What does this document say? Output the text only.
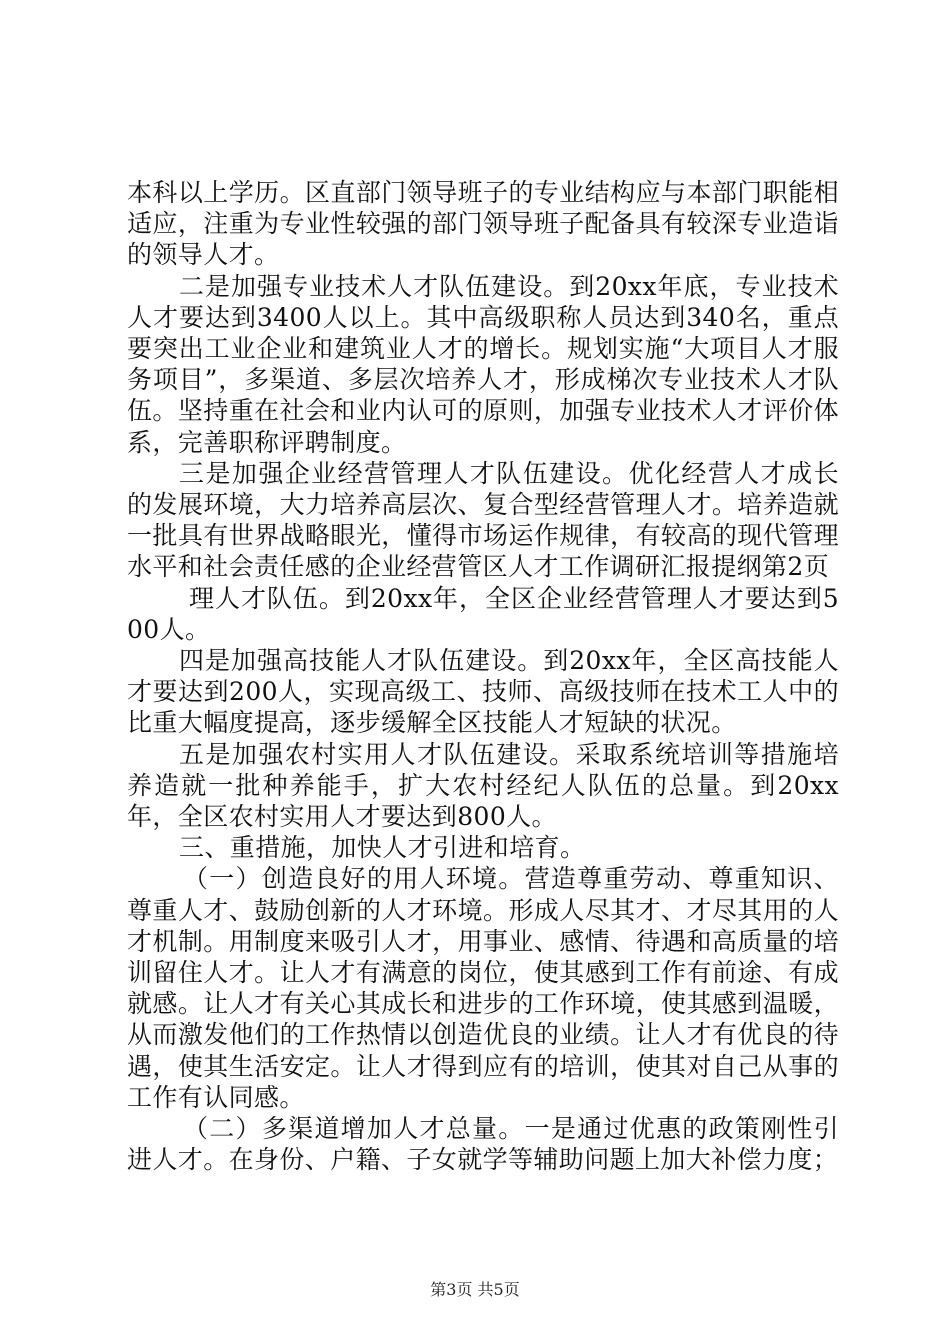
本科以上学历。区直部门领导班子的专业结构应与本部门职能相适应，注重为专业性较强的部门领导班子配备具有较深专业造诣的领导人才。

二是加强专业技术人才队伍建设。到20xx年底，专业技术人才要达到3400人以上。其中高级职称人员达到340名，重点要突出工业企业和建筑业人才的增长。规划实施“大项目人才服务项目”，多渠道、多层次培养人才，形成梯次专业技术人才队伍。坚持重在社会和业内认可的原则，加强专业技术人才评价体系，完善职称评聘制度。

三是加强企业经营管理人才队伍建设。优化经营人才成长的发展环境，大力培养高层次、复合型经营管理人才。培养造就一批具有世界战略眼光，懂得市场运作规律，有较高的现代管理水平和社会责任感的企业经营管区人才工作调研汇报提纲第2页

理人才队伍。到20xx年，全区企业经营管理人才要达到500人。

四是加强高技能人才队伍建设。到20xx年，全区高技能人才要达到200人，实现高级工、技师、高级技师在技术工人中的比重大幅度提高，逐步缓解全区技能人才短缺的状况。

五是加强农村实用人才队伍建设。采取系统培训等措施培养造就一批种养能手，扩大农村经纪人队伍的总量。到20xx年，全区农村实用人才要达到800人。

三、重措施，加快人才引进和培育。

（一）创造良好的用人环境。营造尊重劳动、尊重知识、尊重人才、鼓励创新的人才环境。形成人尽其才、才尽其用的人才机制。用制度来吸引人才，用事业、感情、待遇和高质量的培训留住人才。让人才有满意的岗位，使其感到工作有前途、有成就感。让人才有关心其成长和进步的工作环境，使其感到温暖，从而激发他们的工作热情以创造优良的业绩。让人才有优良的待遇，使其生活安定。让人才得到应有的培训，使其对自己从事的工作有认同感。

（二）多渠道增加人才总量。一是通过优惠的政策刚性引进人才。在身份、户籍、子女就学等辅助问题上加大补偿力度；

第3页 共5页
